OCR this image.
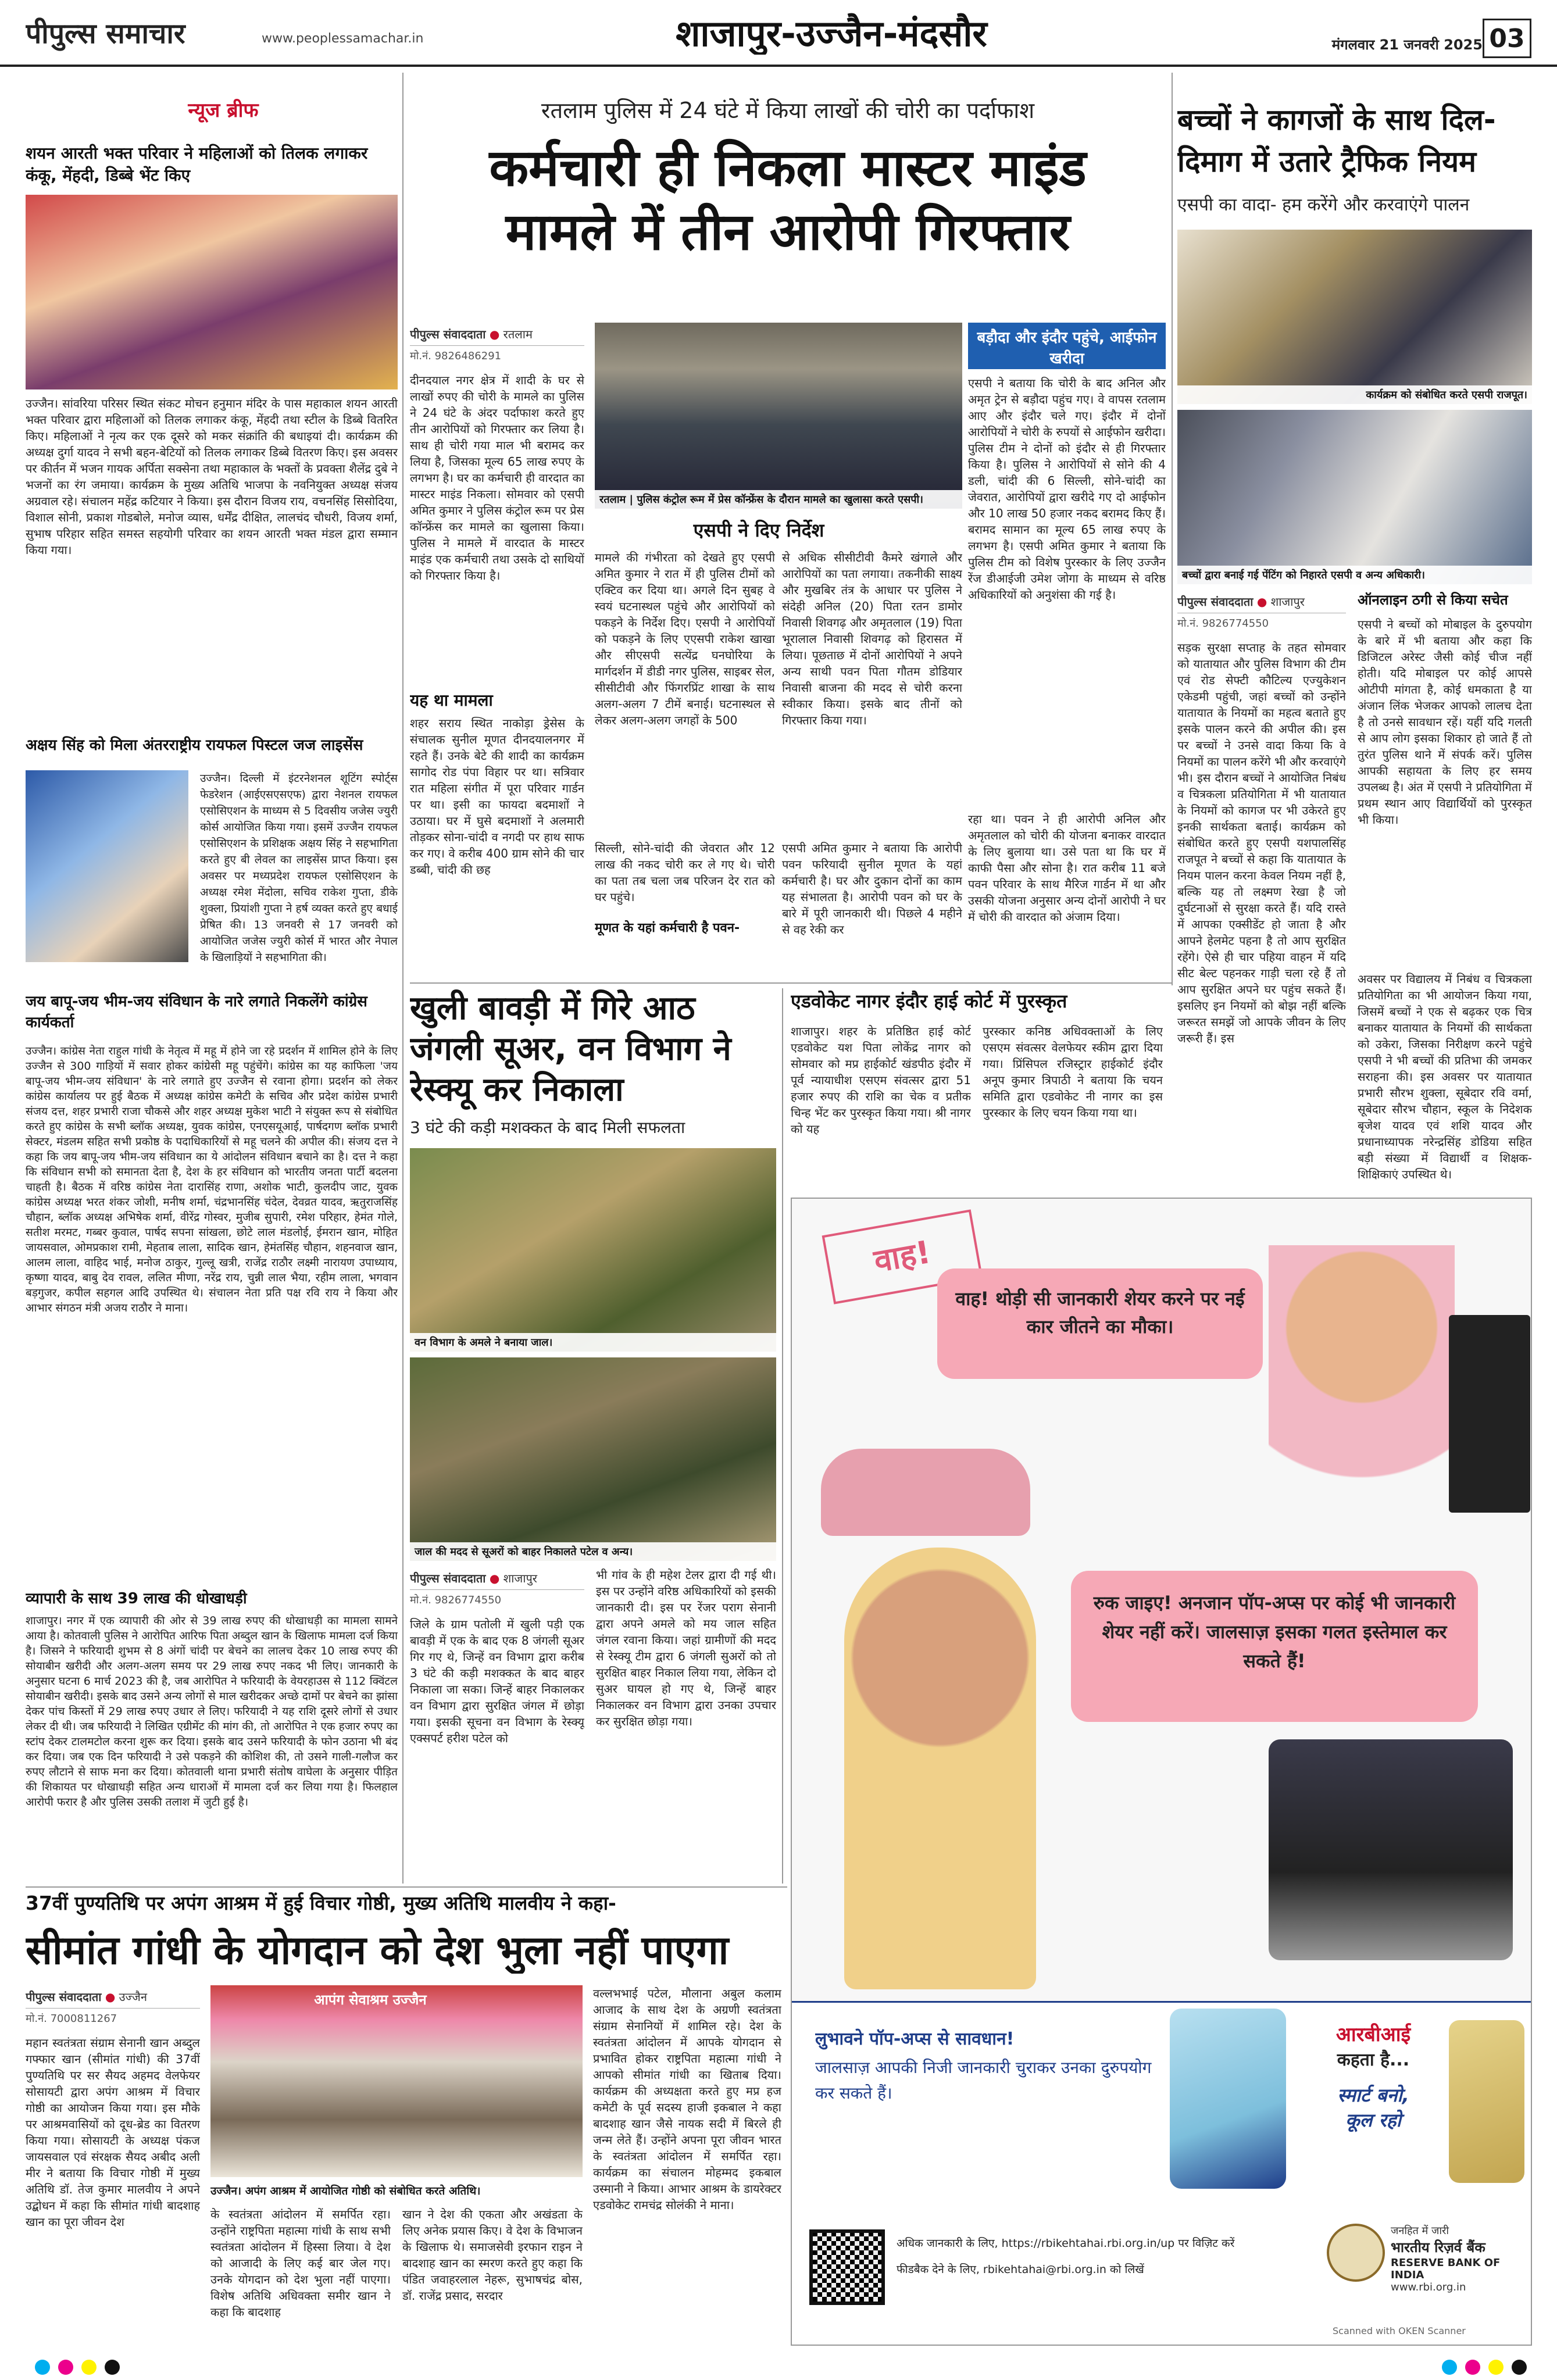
पीपुल्स समाचार	www.peoplessamachar.in	शाजापुर-उज्जैन-मंदसौर	मंगलवार 21 जनवरी 2025 03
न्यूज ब्रीफ
शयन आरती भक्त परिवार ने महिलाओं को तिलक लगाकर कंकू, मेंहदी, डिब्बे भेंट किए
उज्जैन। सांवरिया परिसर स्थित संकट मोचन हनुमान मंदिर के पास महाकाल शयन आरती भक्त परिवार द्वारा महिलाओं को तिलक लगाकर कंकू, मेंहदी तथा स्टील के डिब्बे वितरित किए। महिलाओं ने नृत्य कर एक दूसरे को मकर संक्रांति की बधाइयां दी। कार्यक्रम की अध्यक्ष दुर्गा यादव ने सभी बहन-बेटियों को तिलक लगाकर डिब्बे वितरण किए। इस अवसर पर कीर्तन में भजन गायक अर्पिता सक्सेना तथा महाकाल के भक्तों के प्रवक्ता शैलेंद्र दुबे ने भजनों का रंग जमाया। कार्यक्रम के मुख्य अतिथि भाजपा के नवनियुक्त अध्यक्ष संजय अग्रवाल रहे। संचालन महेंद्र कटियार ने किया। इस दौरान विजय राय, वचनसिंह सिसोदिया, विशाल सोनी, प्रकाश गोडबोले, मनोज व्यास, धर्मेंद्र दीक्षित, लालचंद चौधरी, विजय शर्मा, सुभाष परिहार सहित समस्त सहयोगी परिवार का शयन आरती भक्त मंडल द्वारा सम्मान किया गया।
अक्षय सिंह को मिला अंतरराष्ट्रीय रायफल पिस्टल जज लाइसेंस
उज्जैन। दिल्ली में इंटरनेशनल शूटिंग स्पोर्ट्स फेडरेशन (आईएसएसएफ) द्वारा नेशनल रायफल एसोसिएशन के माध्यम से 5 दिवसीय जजेस ज्युरी कोर्स आयोजित किया गया। इसमें उज्जैन रायफल एसोसिएशन के प्रशिक्षक अक्षय सिंह ने सहभागिता करते हुए बी लेवल का लाइसेंस प्राप्त किया। इस अवसर पर मध्यप्रदेश रायफल एसोसिएशन के अध्यक्ष रमेश मेंदोला, सचिव राकेश गुप्ता, डीके शुक्ला, प्रियांशी गुप्ता ने हर्ष व्यक्त करते हुए बधाई प्रेषित की। 13 जनवरी से 17 जनवरी को आयोजित जजेस ज्युरी कोर्स में भारत और नेपाल के खिलाड़ियों ने सहभागिता की।
जय बापू-जय भीम-जय संविधान के नारे लगाते निकलेंगे कांग्रेस कार्यकर्ता
उज्जैन। कांग्रेस नेता राहुल गांधी के नेतृत्व में महू में होने जा रहे प्रदर्शन में शामिल होने के लिए उज्जैन से 300 गाड़ियों में सवार होकर कांग्रेसी महू पहुंचेंगे। कांग्रेस का यह काफिला 'जय बापू-जय भीम-जय संविधान' के नारे लगाते हुए उज्जैन से रवाना होगा। प्रदर्शन को लेकर कांग्रेस कार्यालय पर हुई बैठक में अध्यक्ष कांग्रेस कमेटी के सचिव और प्रदेश कांग्रेस प्रभारी संजय दत्त, शहर प्रभारी राजा चौकसे और शहर अध्यक्ष मुकेश भाटी ने संयुक्त रूप से संबोधित करते हुए कांग्रेस के सभी ब्लॉक अध्यक्ष, युवक कांग्रेस, एनएसयूआई, पार्षदगण ब्लॉक प्रभारी सेक्टर, मंडलम सहित सभी प्रकोष्ठ के पदाधिकारियों से महू चलने की अपील की। संजय दत्त ने कहा कि जय बापू-जय भीम-जय संविधान का ये आंदोलन संविधान बचाने का है। दत्त ने कहा कि संविधान सभी को समानता देता है, देश के हर संविधान को भारतीय जनता पार्टी बदलना चाहती है। बैठक में वरिष्ठ कांग्रेस नेता दारासिंह राणा, अशोक भाटी, कुलदीप जाट, युवक कांग्रेस अध्यक्ष भरत शंकर जोशी, मनीष शर्मा, चंद्रभानसिंह चंदेल, देवव्रत यादव, ऋतुराजसिंह चौहान, ब्लॉक अध्यक्ष अभिषेक शर्मा, वीरेंद्र गोस्वर, मुजीब सुपारी, रमेश परिहार, हेमंत गोले, सतीश मरमट, गब्बर कुवाल, पार्षद सपना सांखला, छोटे लाल मंडलोई, ईमरान खान, मोहित जायसवाल, ओमप्रकाश रामी, मेहताब लाला, सादिक खान, हेमंतसिंह चौहान, शहनवाज खान, आलम लाला, वाहिद भाई, मनोज ठाकुर, गुल्लू खत्री, राजेंद्र राठौर लक्ष्मी नारायण उपाध्याय, कृष्णा यादव, बाबु देव रावल, ललित मीणा, नरेंद्र राय, चुन्नी लाल भैया, रहीम लाला, भगवान बड़गुजर, कपील सहगल आदि उपस्थित थे। संचालन नेता प्रति पक्ष रवि राय ने किया और आभार संगठन मंत्री अजय राठौर ने माना।
व्यापारी के साथ 39 लाख की धोखाधड़ी
शाजापुर। नगर में एक व्यापारी की ओर से 39 लाख रुपए की धोखाधड़ी का मामला सामने आया है। कोतवाली पुलिस ने आरोपित आरिफ पिता अब्दुल खान के खिलाफ मामला दर्ज किया है। जिसने ने फरियादी शुभम से 8 अंगों चांदी पर बेचने का लालच देकर 10 लाख रुपए की सोयाबीन खरीदी और अलग-अलग समय पर 29 लाख रुपए नकद भी लिए। जानकारी के अनुसार घटना 6 मार्च 2023 की है, जब आरोपित ने फरियादी के वेयरहाउस से 112 क्विंटल सोयाबीन खरीदी। इसके बाद उसने अन्य लोगों से माल खरीदकर अच्छे दामों पर बेचने का झांसा देकर पांच किस्तों में 29 लाख रुपए उधार ले लिए। फरियादी ने यह राशि दूसरे लोगों से उधार लेकर दी थी। जब फरियादी ने लिखित एग्रीमेंट की मांग की, तो आरोपित ने एक हजार रुपए का स्टांप देकर टालमटोल करना शुरू कर दिया। इसके बाद उसने फरियादी के फोन उठाना भी बंद कर दिया। जब एक दिन फरियादी ने उसे पकड़ने की कोशिश की, तो उसने गाली-गलौज कर रुपए लौटाने से साफ मना कर दिया। कोतवाली थाना प्रभारी संतोष वाघेला के अनुसार पीड़ित की शिकायत पर धोखाधड़ी सहित अन्य धाराओं में मामला दर्ज कर लिया गया है। फिलहाल आरोपी फरार है और पुलिस उसकी तलाश में जुटी हुई है।
रतलाम पुलिस में 24 घंटे में किया लाखों की चोरी का पर्दाफाश
कर्मचारी ही निकला मास्टर माइंड
मामले में तीन आरोपी गिरफ्तार
पीपुल्स संवाददाता ● रतलाम
मो.नं. 9826486291
दीनदयाल नगर क्षेत्र में शादी के घर से लाखों रुपए की चोरी के मामले का पुलिस ने 24 घंटे के अंदर पर्दाफाश करते हुए तीन आरोपियों को गिरफ्तार कर लिया है। साथ ही चोरी गया माल भी बरामद कर लिया है, जिसका मूल्य 65 लाख रुपए के लगभग है। घर का कर्मचारी ही वारदात का मास्टर माइंड निकला। सोमवार को एसपी अमित कुमार ने पुलिस कंट्रोल रूम पर प्रेस कॉन्फ्रेंस कर मामले का खुलासा किया। पुलिस ने मामले में वारदात के मास्टर माइंड एक कर्मचारी तथा उसके दो साथियों को गिरफ्तार किया है।
यह था मामला
शहर सराय स्थित नाकोड़ा ड्रेसेस के संचालक सुनील मूणत दीनदयालनगर में रहते हैं। उनके बेटे की शादी का कार्यक्रम सागोद रोड पंपा विहार पर था। सत्रिवार रात महिला संगीत में पूरा परिवार गार्डन पर था। इसी का फायदा बदमाशों ने उठाया। घर में घुसे बदमाशों ने अलमारी तोड़कर सोना-चांदी व नगदी पर हाथ साफ कर गए। वे करीब 400 ग्राम सोने की चार डब्बी, चांदी की छह
रतलाम | पुलिस कंट्रोल रूम में प्रेस कॉन्फ्रेंस के दौरान मामले का खुलासा करते एसपी।
बड़ौदा और इंदौर पहुंचे, आईफोन खरीदा
एसपी ने बताया कि चोरी के बाद अनिल और अमृत ट्रेन से बड़ौदा पहुंच गए। वे वापस रतलाम आए और इंदौर चले गए। इंदौर में दोनों आरोपियों ने चोरी के रुपयों से आईफोन खरीदा। पुलिस टीम ने दोनों को इंदौर से ही गिरफ्तार किया है। पुलिस ने आरोपियों से सोने की 4 डली, चांदी की 6 सिल्ली, सोने-चांदी का जेवरात, आरोपियों द्वारा खरीदे गए दो आईफोन और 10 लाख 50 हजार नकद बरामद किए हैं। बरामद सामान का मूल्य 65 लाख रुपए के लगभग है। एसपी अमित कुमार ने बताया कि पुलिस टीम को विशेष पुरस्कार के लिए उज्जैन रेंज डीआईजी उमेश जोगा के माध्यम से वरिष्ठ अधिकारियों को अनुशंसा की गई है।
रहा था। पवन ने ही आरोपी अनिल और अमृतलाल को चोरी की योजना बनाकर वारदात के लिए बुलाया था। उसे पता था कि घर में काफी पैसा और सोना है। रात करीब 11 बजे पवन परिवार के साथ मैरिज गार्डन में था और उसकी योजना अनुसार अन्य दोनों आरोपी ने घर में चोरी की वारदात को अंजाम दिया।
एसपी ने दिए निर्देश
मामले की गंभीरता को देखते हुए एसपी अमित कुमार ने रात में ही पुलिस टीमों को एक्टिव कर दिया था। अगले दिन सुबह वे स्वयं घटनास्थल पहुंचे और आरोपियों को पकड़ने के निर्देश दिए। एसपी ने आरोपियों को पकड़ने के लिए एएसपी राकेश खाखा और सीएसपी सत्येंद्र घनघोरिया के मार्गदर्शन में डीडी नगर पुलिस, साइबर सेल, सीसीटीवी और फिंगरप्रिंट शाखा के साथ अलग-अलग 7 टीमें बनाई। घटनास्थल से लेकर अलग-अलग जगहों के 500
से अधिक सीसीटीवी कैमरे खंगाले और आरोपियों का पता लगाया। तकनीकी साक्ष्य और मुखबिर तंत्र के आधार पर पुलिस ने संदेही अनिल (20) पिता रतन डामोर निवासी शिवगढ़ और अमृतलाल (19) पिता भूरालाल निवासी शिवगढ़ को हिरासत में लिया। पूछताछ में दोनों आरोपियों ने अपने अन्य साथी पवन पिता गौतम डोडियार निवासी बाजना की मदद से चोरी करना स्वीकार किया। इसके बाद तीनों को गिरफ्तार किया गया।
सिल्ली, सोने-चांदी की जेवरात और 12 लाख की नकद चोरी कर ले गए थे। चोरी का पता तब चला जब परिजन देर रात को घर पहुंचे।
मूणत के यहां कर्मचारी है पवन-
एसपी अमित कुमार ने बताया कि आरोपी पवन फरियादी सुनील मूणत के यहां कर्मचारी है। घर और दुकान दोनों का काम यह संभालता है। आरोपी पवन को घर के बारे में पूरी जानकारी थी। पिछले 4 महीने से वह रेकी कर
बच्चों ने कागजों के साथ दिल-दिमाग में उतारे ट्रैफिक नियम
एसपी का वादा- हम करेंगे और करवाएंगे पालन
कार्यक्रम को संबोधित करते एसपी राजपूत।
बच्चों द्वारा बनाई गई पेंटिंग को निहारते एसपी व अन्य अधिकारी।
पीपुल्स संवाददाता ● शाजापुर
मो.नं. 9826774550
सड़क सुरक्षा सप्ताह के तहत सोमवार को यातायात और पुलिस विभाग की टीम एवं रोड सेफ्टी कौटिल्य एज्युकेशन एकेडमी पहुंची, जहां बच्चों को उन्होंने यातायात के नियमों का महत्व बताते हुए इसके पालन करने की अपील की। इस पर बच्चों ने उनसे वादा किया कि वे नियमों का पालन करेंगे भी और करवाएंगे भी। इस दौरान बच्चों ने आयोजित निबंध व चित्रकला प्रतियोगिता में भी यातायात के नियमों को कागज पर भी उकेरते हुए इनकी सार्थकता बताई। कार्यक्रम को संबोधित करते हुए एसपी यशपालसिंह राजपूत ने बच्चों से कहा कि यातायात के नियम पालन करना केवल नियम नहीं है, बल्कि यह तो लक्ष्मण रेखा है जो दुर्घटनाओं से सुरक्षा करते हैं। यदि रास्ते में आपका एक्सीडेंट हो जाता है और आपने हेलमेट पहना है तो आप सुरक्षित रहेंगे। ऐसे ही चार पहिया वाहन में यदि सीट बेल्ट पहनकर गाड़ी चला रहे हैं तो आप सुरक्षित अपने घर पहुंच सकते हैं। इसलिए इन नियमों को बोझ नहीं बल्कि जरूरत समझें जो आपके जीवन के लिए जरूरी हैं। इस
ऑनलाइन ठगी से किया सचेत
एसपी ने बच्चों को मोबाइल के दुरुपयोग के बारे में भी बताया और कहा कि डिजिटल अरेस्ट जैसी कोई चीज नहीं होती। यदि मोबाइल पर कोई आपसे ओटीपी मांगता है, कोई धमकाता है या अंजान लिंक भेजकर आपको लालच देता है तो उनसे सावधान रहें। यहीं यदि गलती से आप लोग इसका शिकार हो जाते हैं तो तुरंत पुलिस थाने में संपर्क करें। पुलिस आपकी सहायता के लिए हर समय उपलब्ध है। अंत में एसपी ने प्रतियोगिता में प्रथम स्थान आए विद्यार्थियों को पुरस्कृत भी किया।
अवसर पर विद्यालय में निबंध व चित्रकला प्रतियोगिता का भी आयोजन किया गया, जिसमें बच्चों ने एक से बढ़कर एक चित्र बनाकर यातायात के नियमों की सार्थकता को उकेरा, जिसका निरीक्षण करने पहुंचे एसपी ने भी बच्चों की प्रतिभा की जमकर सराहना की। इस अवसर पर यातायात प्रभारी सौरभ शुक्ला, सूबेदार रवि वर्मा, सूबेदार सौरभ चौहान, स्कूल के निदेशक बृजेश यादव एवं शशि यादव और प्रधानाध्यापक नरेन्द्रसिंह डोडिया सहित बड़ी संख्या में विद्यार्थी व शिक्षक-शिक्षिकाएं उपस्थित थे।
खुली बावड़ी में गिरे आठ जंगली सूअर, वन विभाग ने रेस्क्यू कर निकाला
3 घंटे की कड़ी मशक्कत के बाद मिली सफलता
वन विभाग के अमले ने बनाया जाल।
जाल की मदद से सूअरों को बाहर निकालते पटेल व अन्य।
पीपुल्स संवाददाता ● शाजापुर
मो.नं. 9826774550
जिले के ग्राम पतोली में खुली पड़ी एक बावड़ी में एक के बाद एक 8 जंगली सूअर गिर गए थे, जिन्हें वन विभाग द्वारा करीब 3 घंटे की कड़ी मशक्कत के बाद बाहर निकाला जा सका। जिन्हें बाहर निकालकर वन विभाग द्वारा सुरक्षित जंगल में छोड़ा गया। इसकी सूचना वन विभाग के रेस्क्यू एक्सपर्ट हरीश पटेल को
भी गांव के ही महेश टेलर द्वारा दी गई थी। इस पर उन्होंने वरिष्ठ अधिकारियों को इसकी जानकारी दी। इस पर रेंजर पराग सेनानी द्वारा अपने अमले को मय जाल सहित जंगल रवाना किया। जहां ग्रामीणों की मदद से रेस्क्यू टीम द्वारा 6 जंगली सुअरों को तो सुरक्षित बाहर निकाल लिया गया, लेकिन दो सुअर घायल हो गए थे, जिन्हें बाहर निकालकर वन विभाग द्वारा उनका उपचार कर सुरक्षित छोड़ा गया।
एडवोकेट नागर इंदौर हाई कोर्ट में पुरस्कृत
शाजापुर। शहर के प्रतिष्ठित हाई कोर्ट एडवोकेट यश पिता लोकेंद्र नागर को सोमवार को मप्र हाईकोर्ट खंडपीठ इंदौर में पूर्व न्यायाधीश एसएम संवत्सर द्वारा 51 हजार रुपए की राशि का चेक व प्रतीक चिन्ह भेंट कर पुरस्कृत किया गया। श्री नागर को यह
पुरस्कार कनिष्ठ अधिवक्ताओं के लिए एसएम संवत्सर वेलफेयर स्कीम द्वारा दिया गया। प्रिंसिपल रजिस्ट्रार हाईकोर्ट इंदौर अनूप कुमार त्रिपाठी ने बताया कि चयन समिति द्वारा एडवोकेट नी नागर का इस पुरस्कार के लिए चयन किया गया था।
वाह!
वाह! थोड़ी सी जानकारी शेयर करने पर नई कार जीतने का मौका।
रुक जाइए! अनजान पॉप-अप्स पर कोई भी जानकारी शेयर नहीं करें। जालसाज़ इसका गलत इस्तेमाल कर सकते हैं!
लुभावने पॉप-अप्स से सावधान!
जालसाज़ आपकी निजी जानकारी चुराकर उनका दुरुपयोग कर सकते हैं।
आरबीआई
कहता है...
स्मार्ट बनो,
कूल रहो
अधिक जानकारी के लिए, https://rbikehtahai.rbi.org.in/up पर विज़िट करें
फीडबैक देने के लिए, rbikehtahai@rbi.org.in को लिखें
जनहित में जारी
भारतीय रिज़र्व बैंक
RESERVE BANK OF INDIA
www.rbi.org.in
Scanned with OKEN Scanner
37वीं पुण्यतिथि पर अपंग आश्रम में हुई विचार गोष्ठी, मुख्य अतिथि मालवीय ने कहा-
सीमांत गांधी के योगदान को देश भुला नहीं पाएगा
पीपुल्स संवाददाता ● उज्जैन
मो.नं. 7000811267
महान स्वतंत्रता संग्राम सेनानी खान अब्दुल गफ्फार खान (सीमांत गांधी) की 37वीं पुण्यतिथि पर सर सैयद अहमद वेलफेयर सोसायटी द्वारा अपंग आश्रम में विचार गोष्ठी का आयोजन किया गया। इस मौके पर आश्रमवासियों को दूध-ब्रेड का वितरण किया गया। सोसायटी के अध्यक्ष पंकज जायसवाल एवं संरक्षक सैयद अबीद अली मीर ने बताया कि विचार गोष्ठी में मुख्य अतिथि डॉ. तेज कुमार मालवीय ने अपने उद्बोधन में कहा कि सीमांत गांधी बादशाह खान का पूरा जीवन देश
आपंग सेवाश्रम उज्जैन
उज्जैन। अपंग आश्रम में आयोजित गोष्ठी को संबोधित करते अतिथि।
के स्वतंत्रता आंदोलन में समर्पित रहा। उन्होंने राष्ट्रपिता महात्मा गांधी के साथ सभी स्वतंत्रता आंदोलन में हिस्सा लिया। वे देश को आजादी के लिए कई बार जेल गए। उनके योगदान को देश भुला नहीं पाएगा। विशेष अतिथि अधिवक्ता समीर खान ने कहा कि बादशाह
खान ने देश की एकता और अखंडता के लिए अनेक प्रयास किए। वे देश के विभाजन के खिलाफ थे। समाजसेवी इरफान राइन ने बादशाह खान का स्मरण करते हुए कहा कि पंडित जवाहरलाल नेहरू, सुभाषचंद्र बोस, डॉ. राजेंद्र प्रसाद, सरदार
वल्लभभाई पटेल, मौलाना अबुल कलाम आजाद के साथ देश के अग्रणी स्वतंत्रता संग्राम सेनानियों में शामिल रहे। देश के स्वतंत्रता आंदोलन में आपके योगदान से प्रभावित होकर राष्ट्रपिता महात्मा गांधी ने आपको सीमांत गांधी का खिताब दिया। कार्यक्रम की अध्यक्षता करते हुए मप्र हज कमेटी के पूर्व सदस्य हाजी इकबाल ने कहा बादशाह खान जैसे नायक सदी में बिरले ही जन्म लेते हैं। उन्होंने अपना पूरा जीवन भारत के स्वतंत्रता आंदोलन में समर्पित रहा। कार्यक्रम का संचालन मोहम्मद इकबाल उस्मानी ने किया। आभार आश्रम के डायरेक्टर एडवोकेट रामचंद्र सोलंकी ने माना।
